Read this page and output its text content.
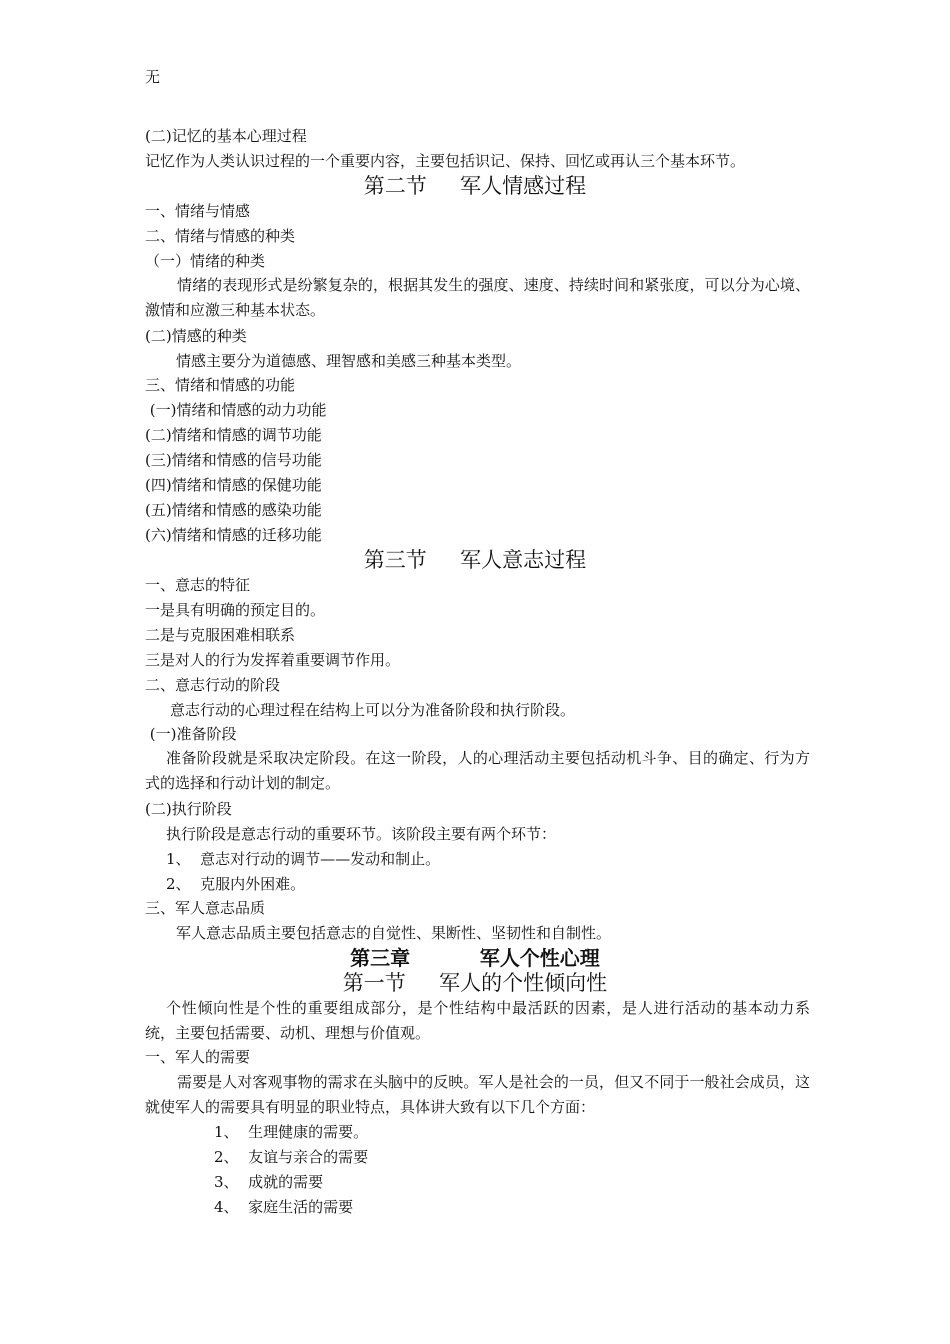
无
(二)记忆的基本心理过程
记忆作为人类认识过程的一个重要内容，主要包括识记、保持、回忆或再认三个基本环节。
第二节     军人情感过程
一、情绪与情感
二、情绪与情感的种类
（一）情绪的种类
情绪的表现形式是纷繁复杂的，根据其发生的强度、速度、持续时间和紧张度，可以分为心境、激情和应激三种基本状态。
(二)情感的种类
情感主要分为道德感、理智感和美感三种基本类型。
三、情绪和情感的功能
(一)情绪和情感的动力功能
(二)情绪和情感的调节功能
(三)情绪和情感的信号功能
(四)情绪和情感的保健功能
(五)情绪和情感的感染功能
(六)情绪和情感的迁移功能
第三节     军人意志过程
一、意志的特征
一是具有明确的预定目的。
二是与克服困难相联系
三是对人的行为发挥着重要调节作用。
二、意志行动的阶段
意志行动的心理过程在结构上可以分为准备阶段和执行阶段。
(一)准备阶段
准备阶段就是采取决定阶段。在这一阶段，人的心理活动主要包括动机斗争、目的确定、行为方式的选择和行动计划的制定。
(二)执行阶段
执行阶段是意志行动的重要环节。该阶段主要有两个环节：
1、  意志对行动的调节——发动和制止。
2、  克服内外困难。
三、军人意志品质
军人意志品质主要包括意志的自觉性、果断性、坚韧性和自制性。
第三章          军人个性心理
第一节     军人的个性倾向性
个性倾向性是个性的重要组成部分，是个性结构中最活跃的因素，是人进行活动的基本动力系统，主要包括需要、动机、理想与价值观。
一、军人的需要
需要是人对客观事物的需求在头脑中的反映。军人是社会的一员，但又不同于一般社会成员，这就使军人的需要具有明显的职业特点，具体讲大致有以下几个方面：
1、  生理健康的需要。
2、  友谊与亲合的需要
3、  成就的需要
4、  家庭生活的需要
